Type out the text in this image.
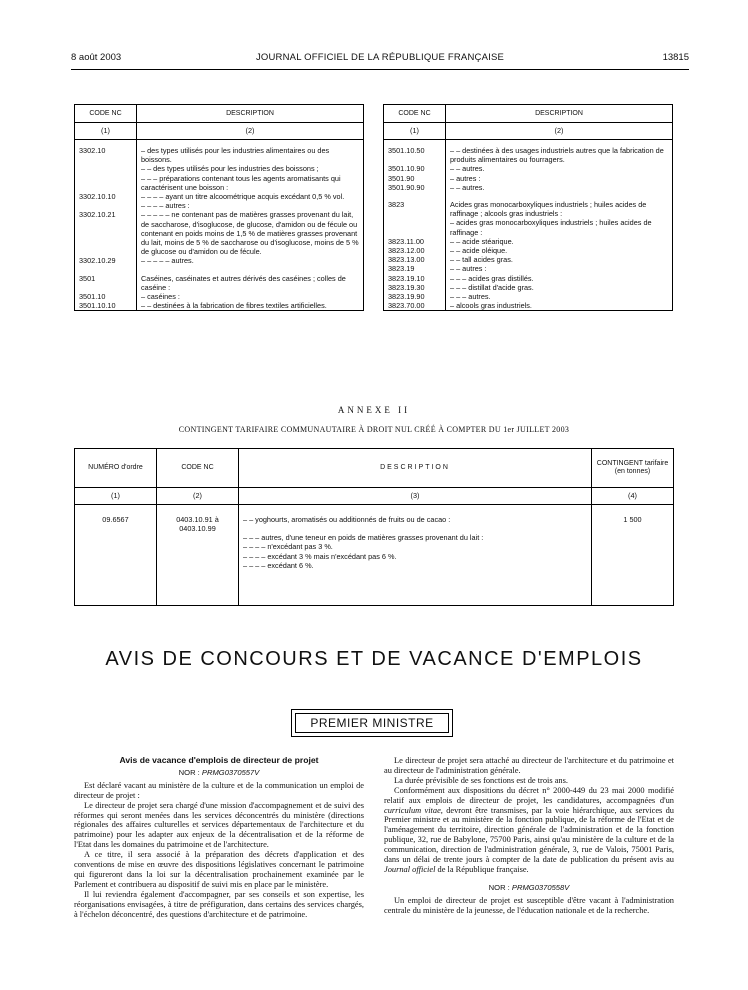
8 août 2003	JOURNAL OFFICIEL DE LA RÉPUBLIQUE FRANÇAISE	13815
CODE NC	DESCRIPTION
(1)	(2)
3302.10	– des types utilisés pour les industries alimentaires ou des boissons.
	– – des types utilisés pour les industries des boissons ;
	– – – préparations contenant tous les agents aromatisants qui caractérisent une boisson :
3302.10.10	– – – – ayant un titre alcoométrique acquis excédant 0,5 % vol.
	– – – – autres :
3302.10.21	– – – – – ne contenant pas de matières grasses provenant du lait, de saccharose, d'isoglucose, de glucose, d'amidon ou de fécule ou contenant en poids moins de 1,5 % de matières grasses provenant du lait, moins de 5 % de saccharose ou d'isoglucose, moins de 5 % de glucose ou d'amidon ou de fécule.
3302.10.29	– – – – – autres.
3501	Caséines, caséinates et autres dérivés des caséines ; colles de caséine :
3501.10	– caséines :
3501.10.10	– – destinées à la fabrication de fibres textiles artificielles.
CODE NC	DESCRIPTION
(1)	(2)
3501.10.50	– – destinées à des usages industriels autres que la fabrication de produits alimentaires ou fourragers.
3501.10.90	– – autres.
3501.90	– autres :
3501.90.90	– – autres.
3823	Acides gras monocarboxyliques industriels ; huiles acides de raffinage ; alcools gras industriels :
	– acides gras monocarboxyliques industriels ; huiles acides de raffinage :
3823.11.00	– – acide stéarique.
3823.12.00	– – acide oléique.
3823.13.00	– – tall acides gras.
3823.19	– – autres :
3823.19.10	– – – acides gras distillés.
3823.19.30	– – – distillat d'acide gras.
3823.19.90	– – – autres.
3823.70.00	– alcools gras industriels.
ANNEXE II
CONTINGENT TARIFAIRE COMMUNAUTAIRE À DROIT NUL CRÉÉ À COMPTER DU 1er JUILLET 2003
NUMÉRO d'ordre	CODE NC	DESCRIPTION	CONTINGENT tarifaire (en tonnes)
(1)	(2)	(3)	(4)
09.6567	0403.10.91 à 0403.10.99	– – yoghourts, aromatisés ou additionnés de fruits ou de cacao :
– – – autres, d'une teneur en poids de matières grasses provenant du lait :
– – – – n'excédant pas 3 %.
– – – – excédant 3 % mais n'excédant pas 6 %.
– – – – excédant 6 %.	1 500
AVIS DE CONCOURS ET DE VACANCE D'EMPLOIS
PREMIER MINISTRE

Avis de vacance d'emplois de directeur de projet

NOR : PRMG0370557V

Est déclaré vacant au ministère de la culture et de la communication un emploi de directeur de projet :

Le directeur de projet sera chargé d'une mission d'accompagnement et de suivi des réformes qui seront menées dans les services déconcentrés du ministère (directions régionales des affaires culturelles et services départementaux de l'architecture et du patrimoine) pour les adapter aux enjeux de la décentralisation et de la réforme de l'Etat dans les domaines du patrimoine et de l'architecture.

A ce titre, il sera associé à la préparation des décrets d'application et des conventions de mise en œuvre des dispositions législatives concernant le patrimoine qui figureront dans la loi sur la décentralisation prochainement examinée par le Parlement et contribuera au dispositif de suivi mis en place par le ministère.

Il lui reviendra également d'accompagner, par ses conseils et son expertise, les réorganisations envisagées, à titre de préfiguration, dans certains des services chargés, à l'échelon déconcentré, des questions d'architecture et de patrimoine.

Le directeur de projet sera attaché au directeur de l'architecture et du patrimoine et au directeur de l'administration générale.

La durée prévisible de ses fonctions est de trois ans.

Conformément aux dispositions du décret n° 2000-449 du 23 mai 2000 modifié relatif aux emplois de directeur de projet, les candidatures, accompagnées d'un curriculum vitae, devront être transmises, par la voie hiérarchique, aux services du Premier ministre et au ministère de la fonction publique, de la réforme de l'Etat et de l'aménagement du territoire, direction générale de l'administration et de la fonction publique, 32, rue de Babylone, 75700 Paris, ainsi qu'au ministère de la culture et de la communication, direction de l'administration générale, 3, rue de Valois, 75001 Paris, dans un délai de trente jours à compter de la date de publication du présent avis au Journal officiel de la République française.

NOR : PRMG0370558V

Un emploi de directeur de projet est susceptible d'être vacant à l'administration centrale du ministère de la jeunesse, de l'éducation nationale et de la recherche.
